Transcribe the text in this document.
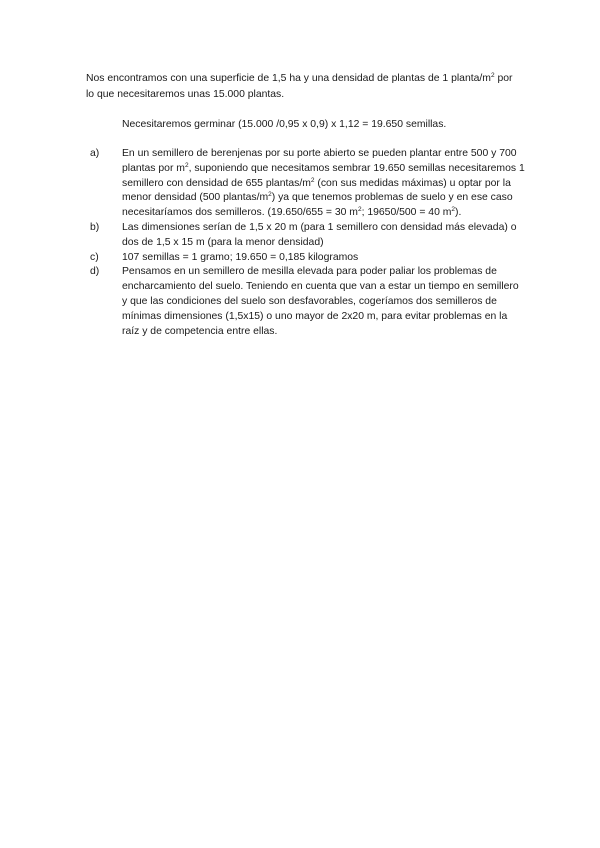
Nos encontramos con una superficie de 1,5 ha y una densidad de plantas de 1 planta/$m^2$ por lo que necesitaremos unas 15.000 plantas.

Necesitaremos germinar (15.000 /0,95 x 0,9) x 1,12 = 19.650 semillas.

a)	En un semillero de berenjenas por su porte abierto se pueden plantar entre 500 y 700 plantas por $m^2$, suponiendo que necesitamos sembrar 19.650 semillas necesitaremos 1 semillero con densidad de 655 plantas/$m^2$ (con sus medidas máximas) u optar por la menor densidad (500 plantas/$m^2$) ya que tenemos problemas de suelo y en ese caso necesitaríamos dos semilleros. (19.650/655 = 30 $m^2$; 19650/500 = 40 $m^2$).
b)	Las dimensiones serían de 1,5 x 20 m (para 1 semillero con densidad más elevada) o dos de 1,5 x 15 m (para la menor densidad)
c)	107 semillas = 1 gramo; 19.650 = 0,185 kilogramos
d)	Pensamos en un semillero de mesilla elevada para poder paliar los problemas de encharcamiento del suelo. Teniendo en cuenta que van a estar un tiempo en semillero y que las condiciones del suelo son desfavorables, cogeríamos dos semilleros de mínimas dimensiones (1,5x15) o uno mayor de 2x20 m, para evitar problemas en la raíz y de competencia entre ellas.
